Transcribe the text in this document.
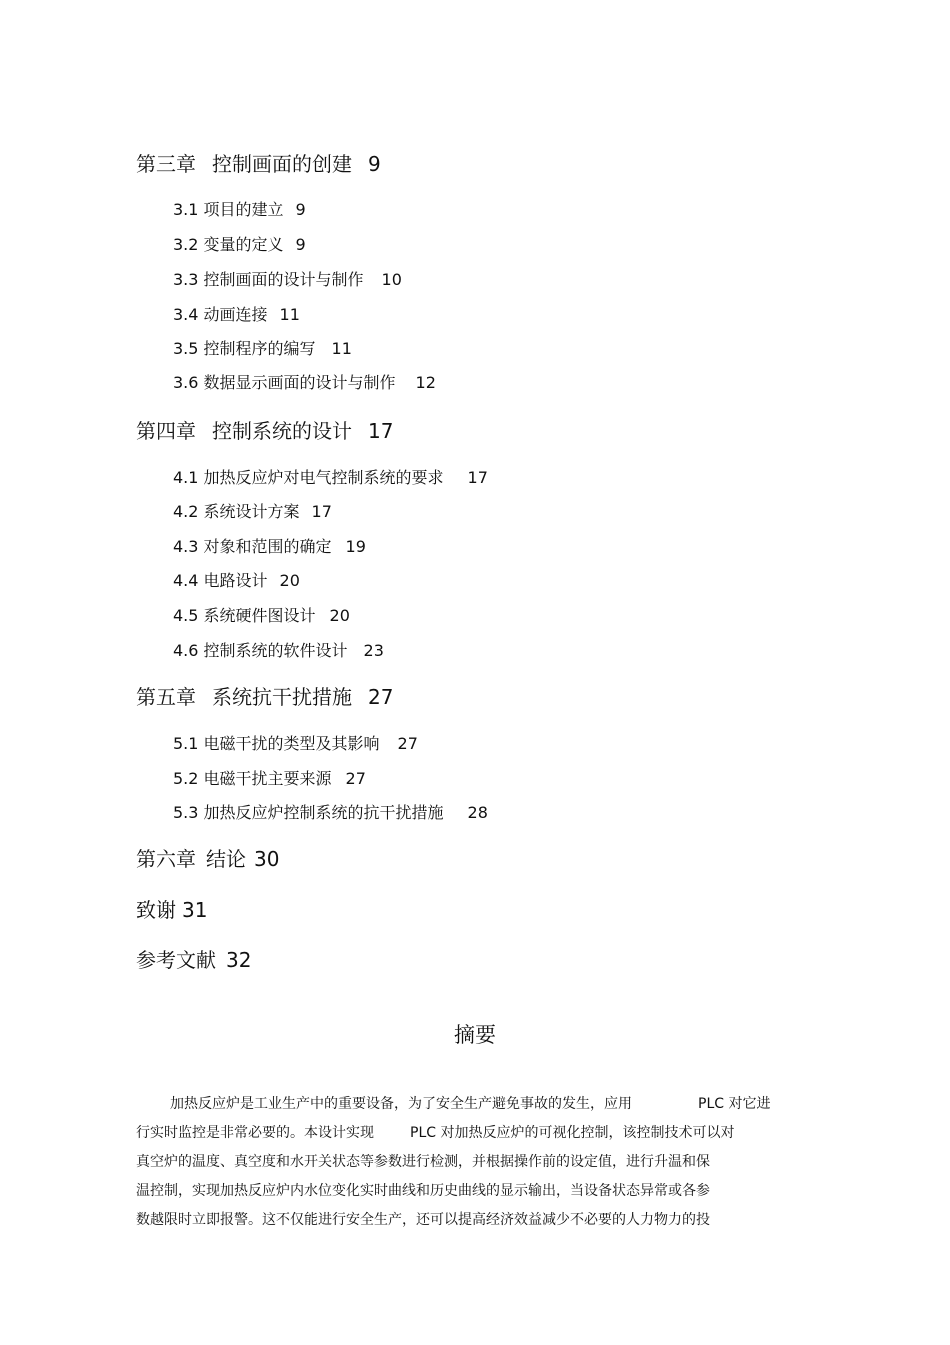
第三章 控制画面的创建 9
3.1 项目的建立 9
3.2 变量的定义 9
3.3 控制画面的设计与制作 10
3.4 动画连接 11
3.5 控制程序的编写 11
3.6 数据显示画面的设计与制作 12
第四章 控制系统的设计 17
4.1 加热反应炉对电气控制系统的要求 17
4.2 系统设计方案 17
4.3 对象和范围的确定 19
4.4 电路设计 20
4.5 系统硬件图设计 20
4.6 控制系统的软件设计 23
第五章 系统抗干扰措施 27
5.1 电磁干扰的类型及其影响 27
5.2 电磁干扰主要来源 27
5.3 加热反应炉控制系统的抗干扰措施 28
第六章 结论 30
致谢 31
参考文献 32
摘要
加热反应炉是工业生产中的重要设备，为了安全生产避免事故的发生，应用	PLC 对它进
行实时监控是非常必要的。本设计实现	PLC 对加热反应炉的可视化控制，该控制技术可以对
真空炉的温度、真空度和水开关状态等参数进行检测，并根据操作前的设定值，进行升温和保
温控制，实现加热反应炉内水位变化实时曲线和历史曲线的显示输出，当设备状态异常或各参
数越限时立即报警。这不仅能进行安全生产，还可以提高经济效益减少不必要的人力物力的投
